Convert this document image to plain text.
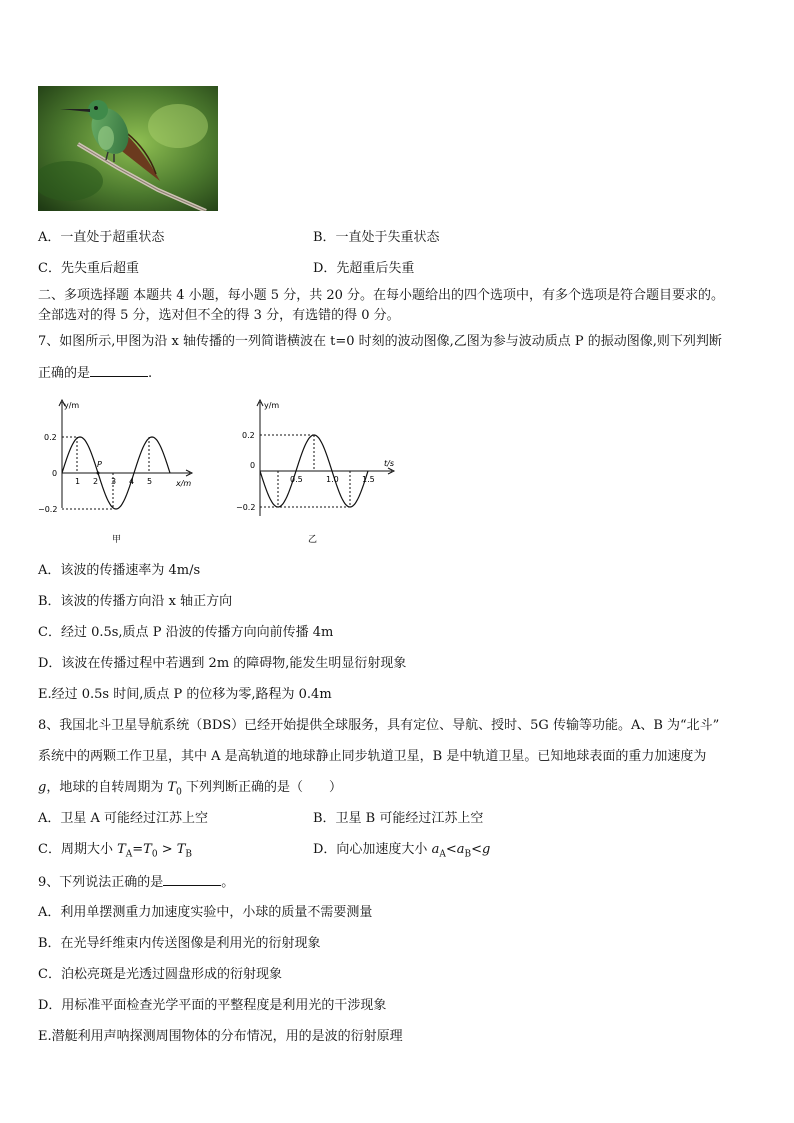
A．一直处于超重状态	B．一直处于失重状态
C．先失重后超重	D．先超重后失重
二、多项选择题 本题共 4 小题，每小题 5 分，共 20 分。在每小题给出的四个选项中，有多个选项是符合题目要求的。
全部选对的得 5 分，选对但不全的得 3 分，有选错的得 0 分。
7、如图所示,甲图为沿 x 轴传播的一列简谐横波在 t=0 时刻的波动图像,乙图为参与波动质点 P 的振动图像,则下列判断
正确的是	.
y/m
x/m
0.2
0
−0.2
1 2 3 4 5
P
甲
y/m
t/s
0.2
0
−0.2
0.5	1.0	1.5
乙
A．该波的传播速率为 4m/s
B．该波的传播方向沿 x 轴正方向
C．经过 0.5s,质点 P 沿波的传播方向向前传播 4m
D．该波在传播过程中若遇到 2m 的障碍物,能发生明显衍射现象
E.经过 0.5s 时间,质点 P 的位移为零,路程为 0.4m
8、我国北斗卫星导航系统（BDS）已经开始提供全球服务，具有定位、导航、授时、5G 传输等功能。A、B 为“北斗”
系统中的两颗工作卫星，其中 A 是高轨道的地球静止同步轨道卫星，B 是中轨道卫星。已知地球表面的重力加速度为
g，地球的自转周期为 $T_0$ 下列判断正确的是（　　）
A．卫星 A 可能经过江苏上空	B．卫星 B 可能经过江苏上空
C．周期大小 $T_A=T_0 > T_B$	D．向心加速度大小 $a_A<a_B<g$
9、下列说法正确的是	。
A．利用单摆测重力加速度实验中，小球的质量不需要测量
B．在光导纤维束内传送图像是利用光的衍射现象
C．泊松亮斑是光透过圆盘形成的衍射现象
D．用标准平面检查光学平面的平整程度是利用光的干涉现象
E.潜艇利用声呐探测周围物体的分布情况，用的是波的衍射原理
